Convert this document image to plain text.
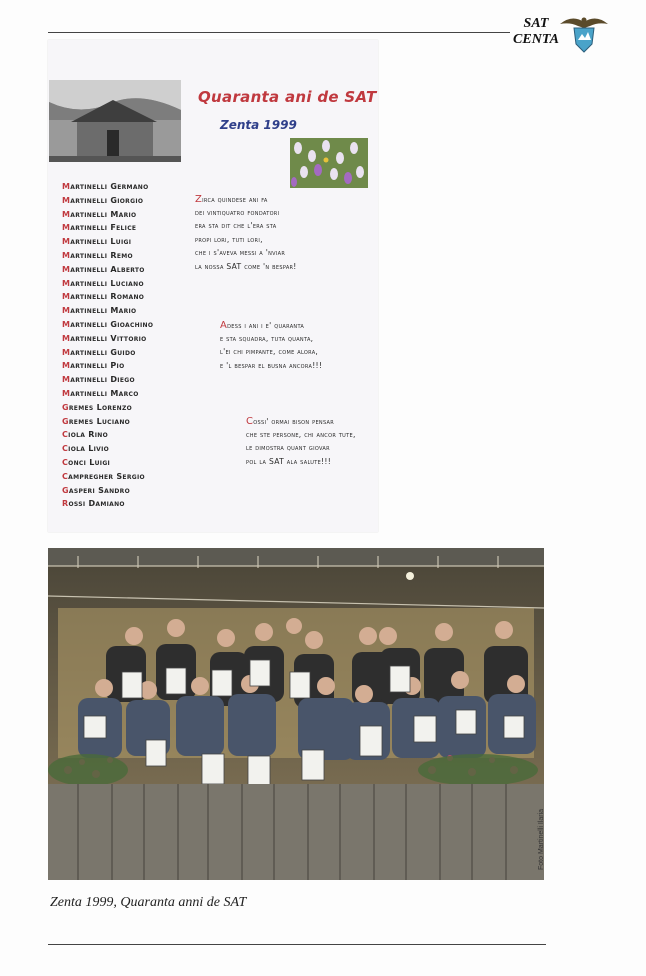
SAT
CENTA
Quaranta ani de SAT
Zenta 1999
Martinelli Germano
Martinelli Giorgio
Martinelli Mario
Martinelli Felice
Martinelli Luigi
Martinelli Remo
Martinelli Alberto
Martinelli Luciano
Martinelli Romano
Martinelli Mario
Martinelli Gioachino
Martinelli Vittorio
Martinelli Guido
Martinelli Pio
Martinelli Diego
Martinelli Marco
Gremes Lorenzo
Gremes Luciano
Ciola Rino
Ciola Livio
Conci Luigi
Campregher Sergio
Gasperi Sandro
Rossi Damiano
Zirca quindese ani fa
dei vintiquatro fondatori
era sta dit che l'era sta
propi lori, tuti lori,
che i s'aveva messi a 'nviar
la nossa SAT come 'n bespar!
Adess i ani i e' quaranta
e sta squadra, tuta quanta,
l'ei chi pimpante, come alora,
e 'l bespar el busna ancora!!!
Cossi' ormai bison pensar
che ste persone, chi ancor tute,
le dimostra quant giovar
pol la SAT ala salute!!!
Foto Martinelli Ilaria
Zenta 1999, Quaranta anni de SAT
